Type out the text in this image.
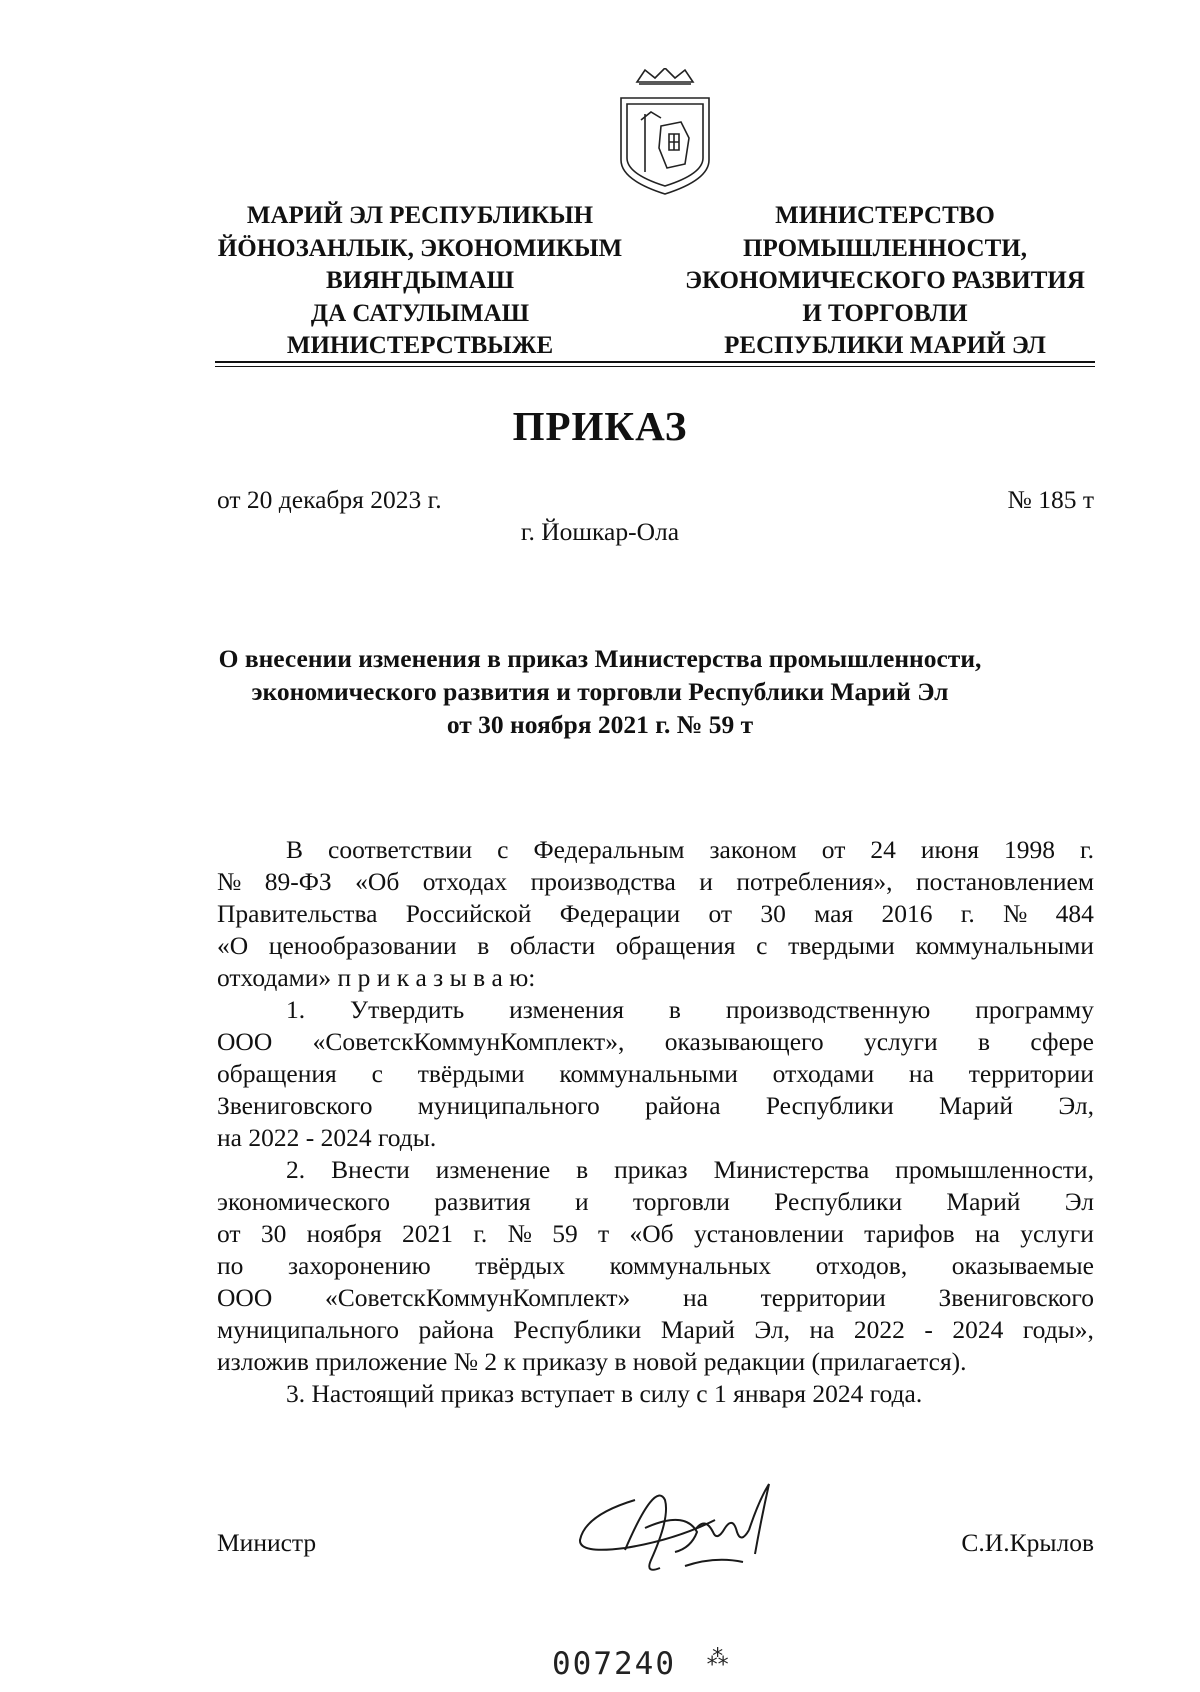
МАРИЙ ЭЛ РЕСПУБЛИКЫН
ЙӦНОЗАНЛЫК, ЭКОНОМИКЫМ
ВИЯҤДЫМАШ
ДА САТУЛЫМАШ
МИНИСТЕРСТВЫЖЕ
МИНИСТЕРСТВО
ПРОМЫШЛЕННОСТИ,
ЭКОНОМИЧЕСКОГО РАЗВИТИЯ
И ТОРГОВЛИ
РЕСПУБЛИКИ МАРИЙ ЭЛ
ПРИКАЗ
от 20 декабря 2023 г.	№ 185 т
г. Йошкар-Ола
О внесении изменения в приказ Министерства промышленности,
экономического развития и торговли Республики Марий Эл
от 30 ноября 2021 г. № 59 т
В соответствии с Федеральным законом от 24 июня 1998 г.
№ 89-ФЗ «Об отходах производства и потребления», постановлением
Правительства Российской Федерации от 30 мая 2016 г. № 484
«О ценообразовании в области обращения с твердыми коммунальными
отходами» п р и к а з ы в а ю:
1. Утвердить изменения в производственную программу
ООО «СоветскКоммунКомплект», оказывающего услуги в сфере
обращения с твёрдыми коммунальными отходами на территории
Звениговского муниципального района Республики Марий Эл,
на 2022 - 2024 годы.
2. Внести изменение в приказ Министерства промышленности,
экономического развития и торговли Республики Марий Эл
от 30 ноября 2021 г. № 59 т «Об установлении тарифов на услуги
по захоронению твёрдых коммунальных отходов, оказываемые
ООО «СоветскКоммунКомплект» на территории Звениговского
муниципального района Республики Марий Эл, на 2022 - 2024 годы»,
изложив приложение № 2 к приказу в новой редакции (прилагается).
3. Настоящий приказ вступает в силу с 1 января 2024 года.
Министр	С.И.Крылов
007240 ⁂
